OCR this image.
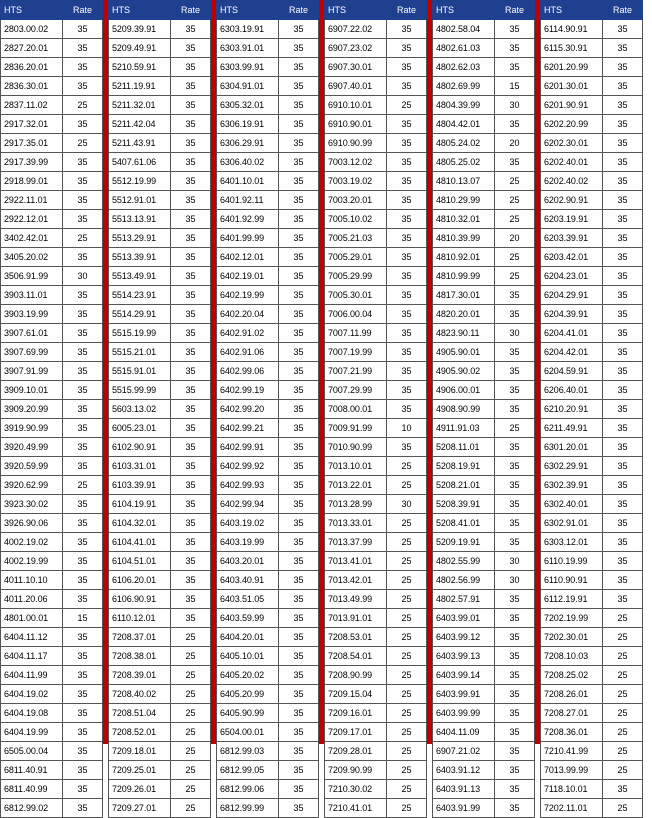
HTS	Rate
2803.00.02	35
2827.20.01	35
2836.20.01	35
2836.30.01	35
2837.11.02	25
2917.32.01	35
2917.35.01	25
2917.39.99	35
2918.99.01	35
2922.11.01	35
2922.12.01	35
3402.42.01	25
3405.20.02	35
3506.91.99	30
3903.11.01	35
3903.19.99	35
3907.61.01	35
3907.69.99	35
3907.91.99	35
3909.10.01	35
3909.20.99	35
3919.90.99	35
3920.49.99	35
3920.59.99	35
3920.62.99	25
3923.30.02	35
3926.90.06	35
4002.19.02	35
4002.19.99	35
4011.10.10	35
4011.20.06	35
4801.00.01	15
6404.11.12	35
6404.11.17	35
6404.11.99	35
6404.19.02	35
6404.19.08	35
6404.19.99	35
6505.00.04	35
6811.40.91	35
6811.40.99	35
6812.99.02	35
HTS	Rate
5209.39.91	35
5209.49.91	35
5210.59.91	35
5211.19.91	35
5211.32.01	35
5211.42.04	35
5211.43.91	35
5407.61.06	35
5512.19.99	35
5512.91.01	35
5513.13.91	35
5513.29.91	35
5513.39.91	35
5513.49.91	35
5514.23.91	35
5514.29.91	35
5515.19.99	35
5515.21.01	35
5515.91.01	35
5515.99.99	35
5603.13.02	35
6005.23.01	35
6102.90.91	35
6103.31.01	35
6103.39.91	35
6104.19.91	35
6104.32.01	35
6104.41.01	35
6104.51.01	35
6106.20.01	35
6106.90.91	35
6110.12.01	35
7208.37.01	25
7208.38.01	25
7208.39.01	25
7208.40.02	25
7208.51.04	25
7208.52.01	25
7209.18.01	25
7209.25.01	25
7209.26.01	25
7209.27.01	25
HTS	Rate
6303.19.91	35
6303.91.01	35
6303.99.91	35
6304.91.01	35
6305.32.01	35
6306.19.91	35
6306.29.91	35
6306.40.02	35
6401.10.01	35
6401.92.11	35
6401.92.99	35
6401.99.99	35
6402.12.01	35
6402.19.01	35
6402.19.99	35
6402.20.04	35
6402.91.02	35
6402.91.06	35
6402.99.06	35
6402.99.19	35
6402.99.20	35
6402.99.21	35
6402.99.91	35
6402.99.92	35
6402.99.93	35
6402.99.94	35
6403.19.02	35
6403.19.99	35
6403.20.01	35
6403.40.91	35
6403.51.05	35
6403.59.99	35
6404.20.01	35
6405.10.01	35
6405.20.02	35
6405.20.99	35
6405.90.99	35
6504.00.01	35
6812.99.03	35
6812.99.05	35
6812.99.06	35
6812.99.99	35
HTS	Rate
6907.22.02	35
6907.23.02	35
6907.30.01	35
6907.40.01	35
6910.10.01	25
6910.90.01	35
6910.90.99	35
7003.12.02	35
7003.19.02	35
7003.20.01	35
7005.10.02	35
7005.21.03	35
7005.29.01	35
7005.29.99	35
7005.30.01	35
7006.00.04	35
7007.11.99	35
7007.19.99	35
7007.21.99	35
7007.29.99	35
7008.00.01	35
7009.91.99	10
7010.90.99	35
7013.10.01	25
7013.22.01	25
7013.28.99	30
7013.33.01	25
7013.37.99	25
7013.41.01	25
7013.42.01	25
7013.49.99	25
7013.91.01	25
7208.53.01	25
7208.54.01	25
7208.90.99	25
7209.15.04	25
7209.16.01	25
7209.17.01	25
7209.28.01	25
7209.90.99	25
7210.30.02	25
7210.41.01	25
HTS	Rate
4802.58.04	35
4802.61.03	35
4802.62.03	35
4802.69.99	15
4804.39.99	30
4804.42.01	35
4805.24.02	20
4805.25.02	35
4810.13.07	25
4810.29.99	25
4810.32.01	25
4810.39.99	20
4810.92.01	25
4810.99.99	25
4817.30.01	35
4820.20.01	35
4823.90.11	30
4905.90.01	35
4905.90.02	35
4906.00.01	35
4908.90.99	35
4911.91.03	25
5208.11.01	35
5208.19.91	35
5208.21.01	35
5208.39.91	35
5208.41.01	35
5209.19.91	35
4802.55.99	30
4802.56.99	30
4802.57.91	35
6403.99.01	35
6403.99.12	35
6403.99.13	35
6403.99.14	35
6403.99.91	35
6403.99.99	35
6404.11.09	35
6907.21.02	35
6403.91.12	35
6403.91.13	35
6403.91.99	35
HTS	Rate
6114.90.91	35
6115.30.91	35
6201.20.99	35
6201.30.01	35
6201.90.91	35
6202.20.99	35
6202.30.01	35
6202.40.01	35
6202.40.02	35
6202.90.91	35
6203.19.91	35
6203.39.91	35
6203.42.01	35
6204.23.01	35
6204.29.91	35
6204.39.91	35
6204.41.01	35
6204.42.01	35
6204.59.91	35
6206.40.01	35
6210.20.91	35
6211.49.91	35
6301.20.01	35
6302.29.91	35
6302.39.91	35
6302.40.01	35
6302.91.01	35
6303.12.01	35
6110.19.99	35
6110.90.91	35
6112.19.91	35
7202.19.99	25
7202.30.01	25
7208.10.03	25
7208.25.02	25
7208.26.01	25
7208.27.01	25
7208.36.01	25
7210.41.99	25
7013.99.99	25
7118.10.01	35
7202.11.01	25
